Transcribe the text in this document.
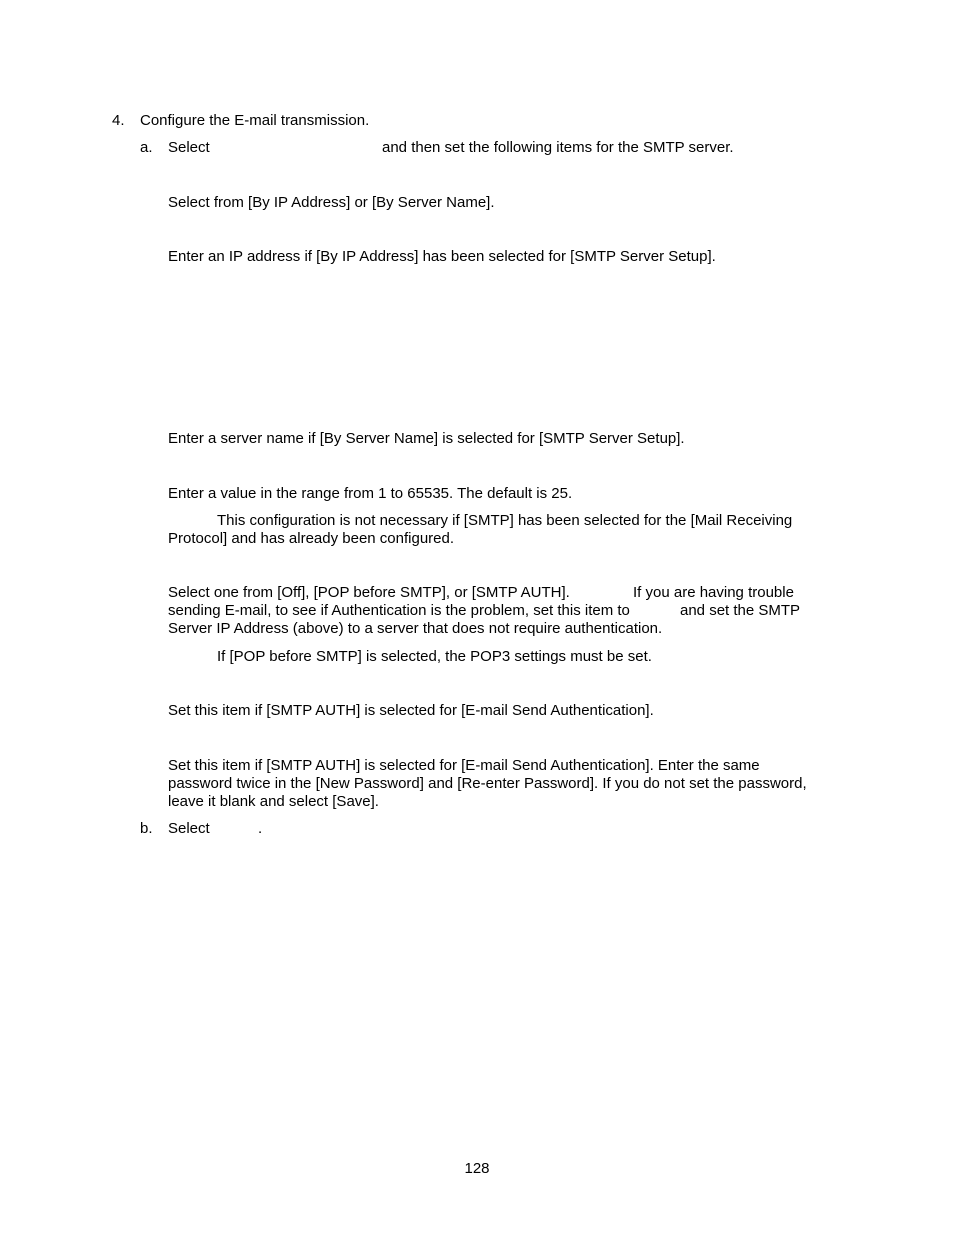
4. Configure the E-mail transmission.

a. Select	and then set the following items for the SMTP server.

Select from [By IP Address] or [By Server Name].

Enter an IP address if [By IP Address] has been selected for [SMTP Server Setup].

Enter a server name if [By Server Name] is selected for [SMTP Server Setup].

Enter a value in the range from 1 to 65535. The default is 25.

This configuration is not necessary if [SMTP] has been selected for the [Mail Receiving

Protocol] and has already been configured.

Select one from [Off], [POP before SMTP], or [SMTP AUTH].	If you are having trouble

sending E-mail, to see if Authentication is the problem, set this item to	and set the SMTP

Server IP Address (above) to a server that does not require authentication.

If [POP before SMTP] is selected, the POP3 settings must be set.

Set this item if [SMTP AUTH] is selected for [E-mail Send Authentication].

Set this item if [SMTP AUTH] is selected for [E-mail Send Authentication]. Enter the same

password twice in the [New Password] and [Re-enter Password]. If you do not set the password,

leave it blank and select [Save].

b. Select	.

128
